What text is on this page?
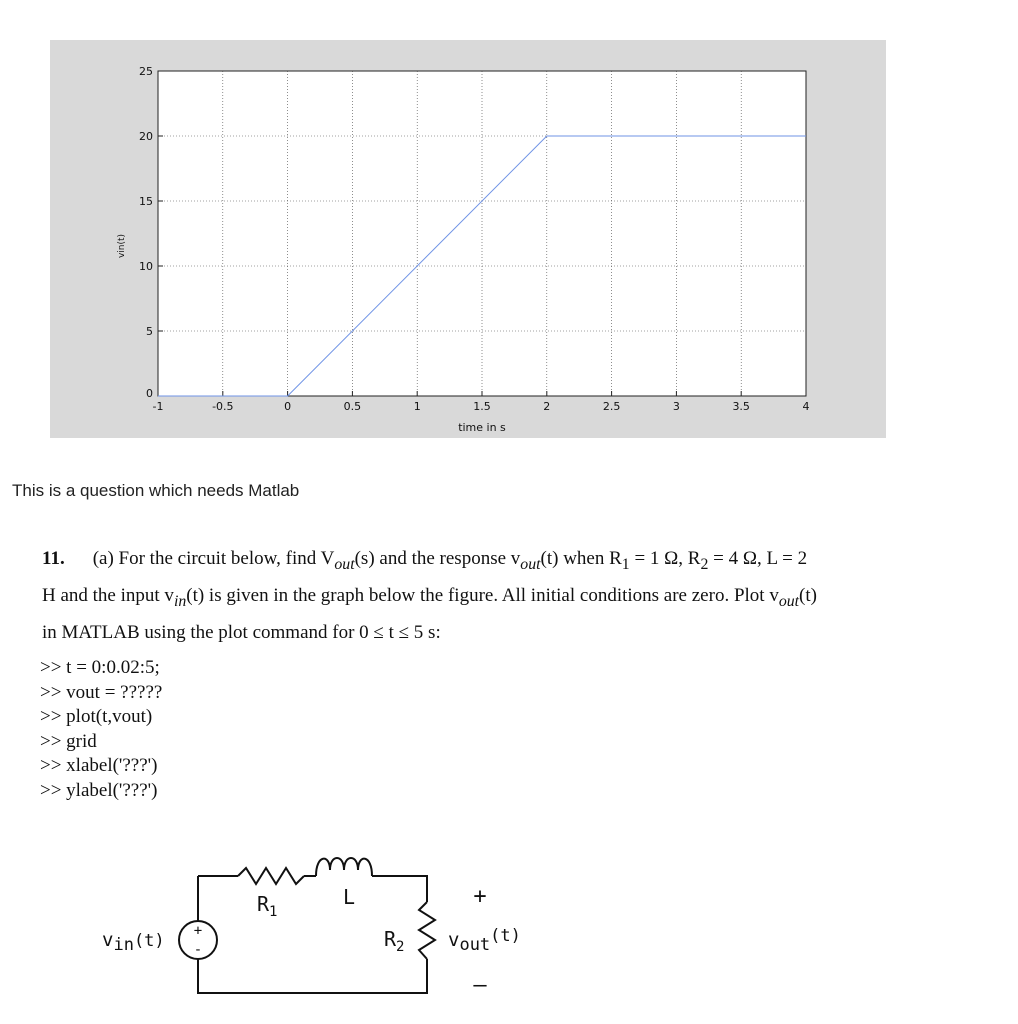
-1	-0.5	0	0.5	1	1.5	2	2.5	3	3.5	4
0
5
10
15
20
25
time in s
vin(t)

This is a question which needs Matlab

11. (a) For the circuit below, find $V_{out}(s)$ and the response $v_{out}(t)$ when $R_1 = 1$ Ω, $R_2 = 4$ Ω, L = 2
H and the input $v_{in}(t)$ is given in the graph below the figure. All initial conditions are zero. Plot $v_{out}(t)$
in MATLAB using the plot command for 0 ≤ t ≤ 5 s:
>> t = 0:0.02:5;
>> vout = ?????
>> plot(t,vout)
>> grid
>> xlabel('???')
>> ylabel('???')
+
-
vin(t)
$R_1$
L
$R_2$
+
–
vout(t)
